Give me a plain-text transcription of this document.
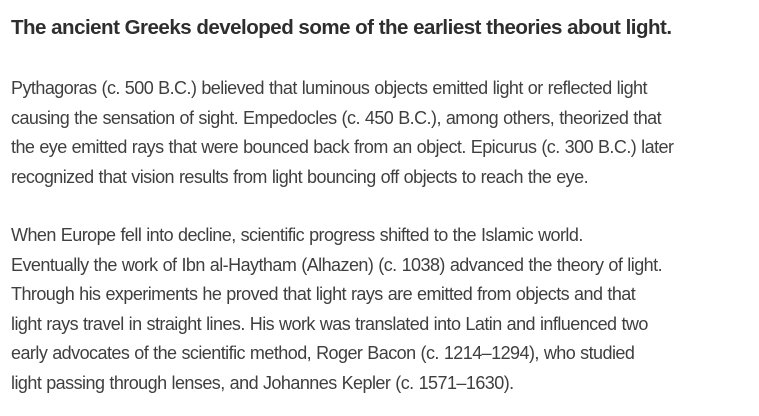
The ancient Greeks developed some of the earliest theories about light.

Pythagoras (c. 500 B.C.) believed that luminous objects emitted light or reflected light
causing the sensation of sight. Empedocles (c. 450 B.C.), among others, theorized that
the eye emitted rays that were bounced back from an object. Epicurus (c. 300 B.C.) later
recognized that vision results from light bouncing off objects to reach the eye.

When Europe fell into decline, scientific progress shifted to the Islamic world.
Eventually the work of Ibn al-Haytham (Alhazen) (c. 1038) advanced the theory of light.
Through his experiments he proved that light rays are emitted from objects and that
light rays travel in straight lines. His work was translated into Latin and influenced two
early advocates of the scientific method, Roger Bacon (c. 1214–1294), who studied
light passing through lenses, and Johannes Kepler (c. 1571–1630).
